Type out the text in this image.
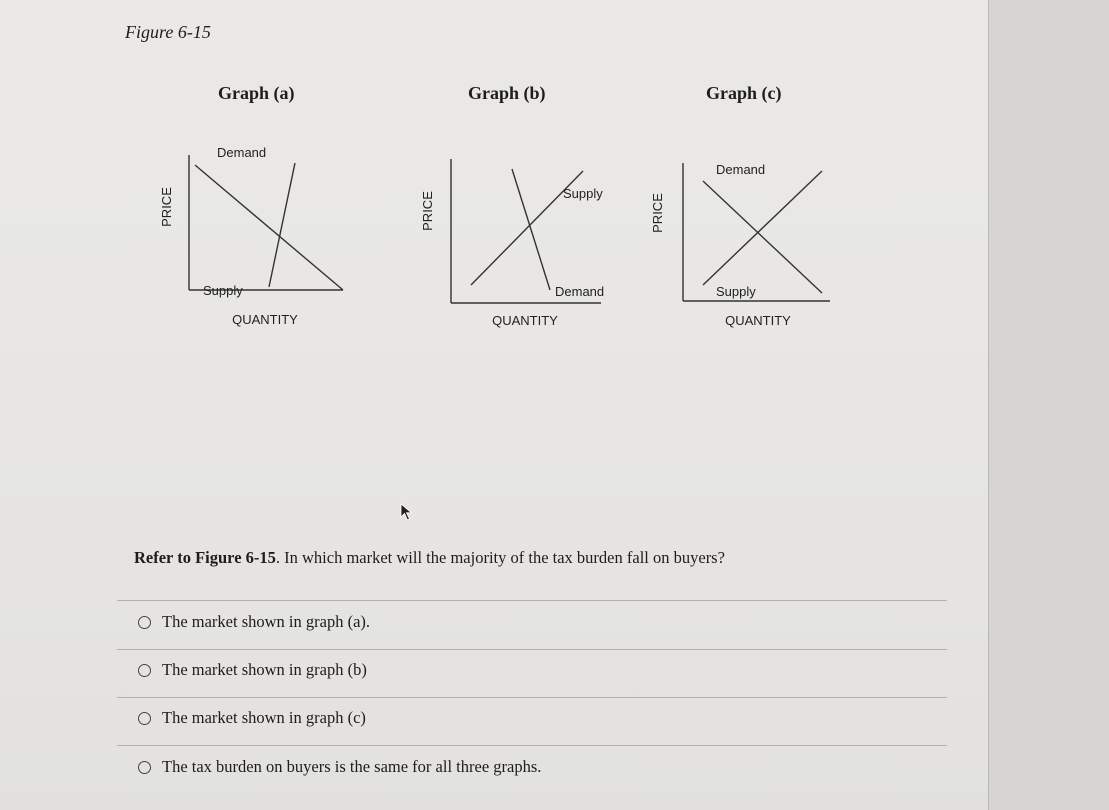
Figure 6-15
Graph (a)	Graph (b)	Graph (c)
PRICE
Demand
Supply
QUANTITY
PRICE	Supply
Demand
QUANTITY
PRICE
Demand
Supply
QUANTITY
Refer to Figure 6-15. In which market will the majority of the tax burden fall on buyers?
The market shown in graph (a).
The market shown in graph (b)
The market shown in graph (c)
The tax burden on buyers is the same for all three graphs.
